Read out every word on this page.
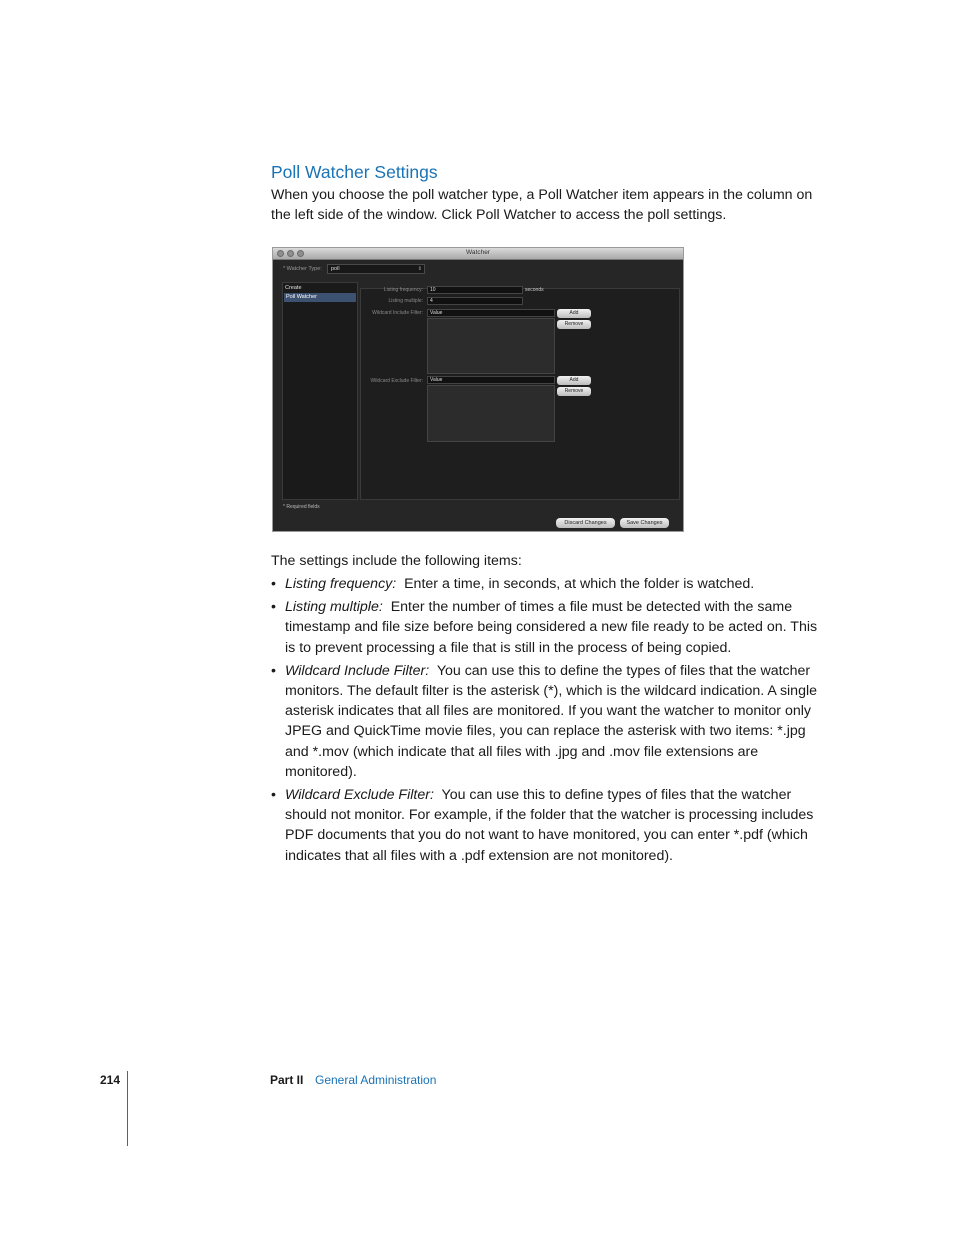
Poll Watcher Settings

When you choose the poll watcher type, a Poll Watcher item appears in the column on the left side of the window. Click Poll Watcher to access the poll settings.

Watcher
* Watcher Type:	poll	⇕
Create
Poll Watcher
Listing frequency:	10	seconds
Listing multiple:	4
Wildcard Include Filter:	Value	Add
Remove
Wildcard Exclude Filter:	Value	Add
Remove
* Required fields
Discard Changes	Save Changes

The settings include the following items:

• Listing frequency: Enter a time, in seconds, at which the folder is watched.
• Listing multiple: Enter the number of times a file must be detected with the same timestamp and file size before being considered a new file ready to be acted on. This is to prevent processing a file that is still in the process of being copied.
• Wildcard Include Filter: You can use this to define the types of files that the watcher monitors. The default filter is the asterisk (*), which is the wildcard indication. A single asterisk indicates that all files are monitored. If you want the watcher to monitor only JPEG and QuickTime movie files, you can replace the asterisk with two items: *.jpg and *.mov (which indicate that all files with .jpg and .mov file extensions are monitored).
• Wildcard Exclude Filter: You can use this to define types of files that the watcher should not monitor. For example, if the folder that the watcher is processing includes PDF documents that you do not want to have monitored, you can enter *.pdf (which indicates that all files with a .pdf extension are not monitored).
214	Part II General Administration
